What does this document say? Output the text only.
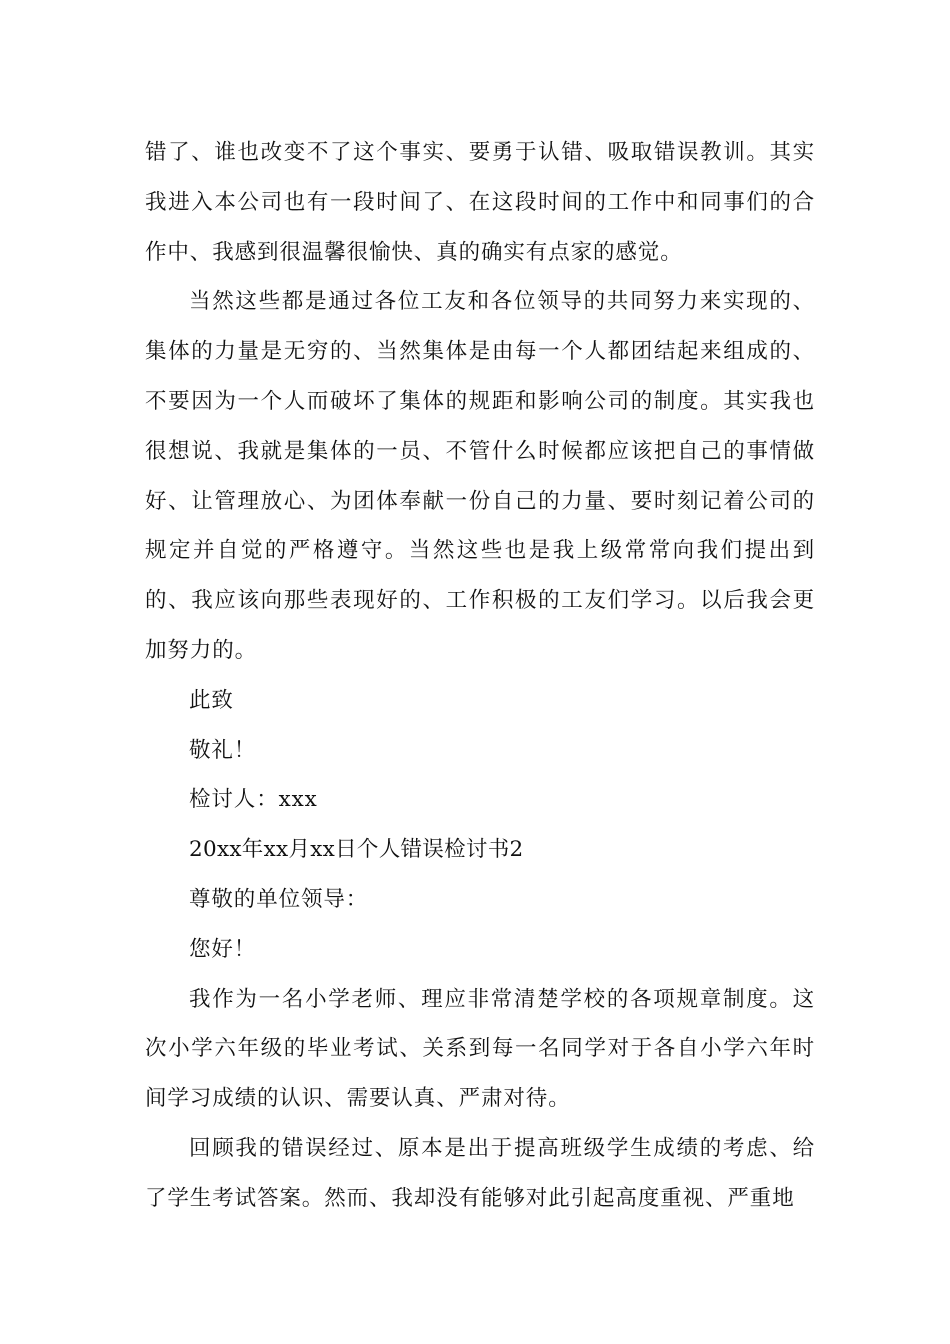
错了、谁也改变不了这个事实、要勇于认错、吸取错误教训。其实我进入本公司也有一段时间了、在这段时间的工作中和同事们的合作中、我感到很温馨很愉快、真的确实有点家的感觉。

当然这些都是通过各位工友和各位领导的共同努力来实现的、集体的力量是无穷的、当然集体是由每一个人都团结起来组成的、不要因为一个人而破坏了集体的规距和影响公司的制度。其实我也很想说、我就是集体的一员、不管什么时候都应该把自己的事情做好、让管理放心、为团体奉献一份自己的力量、要时刻记着公司的规定并自觉的严格遵守。当然这些也是我上级常常向我们提出到的、我应该向那些表现好的、工作积极的工友们学习。以后我会更加努力的。

此致

敬礼！

检讨人：xxx

20xx年xx月xx日个人错误检讨书2

尊敬的单位领导：

您好！

我作为一名小学老师、理应非常清楚学校的各项规章制度。这次小学六年级的毕业考试、关系到每一名同学对于各自小学六年时间学习成绩的认识、需要认真、严肃对待。

回顾我的错误经过、原本是出于提高班级学生成绩的考虑、给了学生考试答案。然而、我却没有能够对此引起高度重视、严重地
